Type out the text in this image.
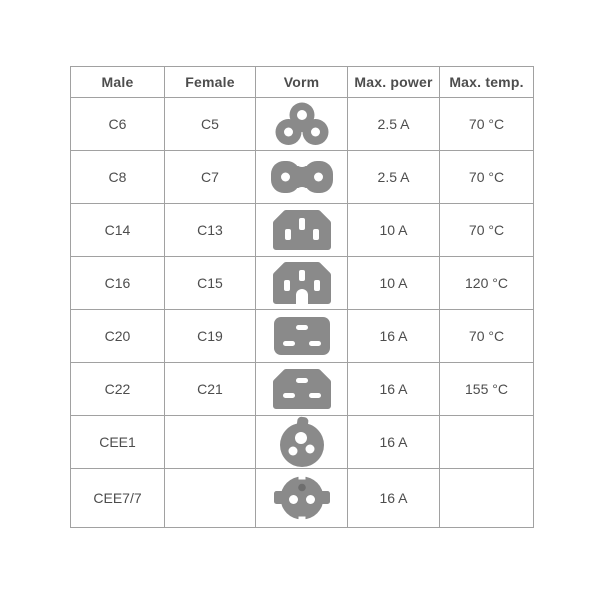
Male	Female	Vorm	Max. power	Max. temp.
C6	C5		2.5 A	70 °C
C8	C7		2.5 A	70 °C
C14	C13		10 A	70 °C
C16	C15		10 A	120 °C
C20	C19		16 A	70 °C
C22	C21		16 A	155 °C
CEE1			16 A	
CEE7/7			16 A	
